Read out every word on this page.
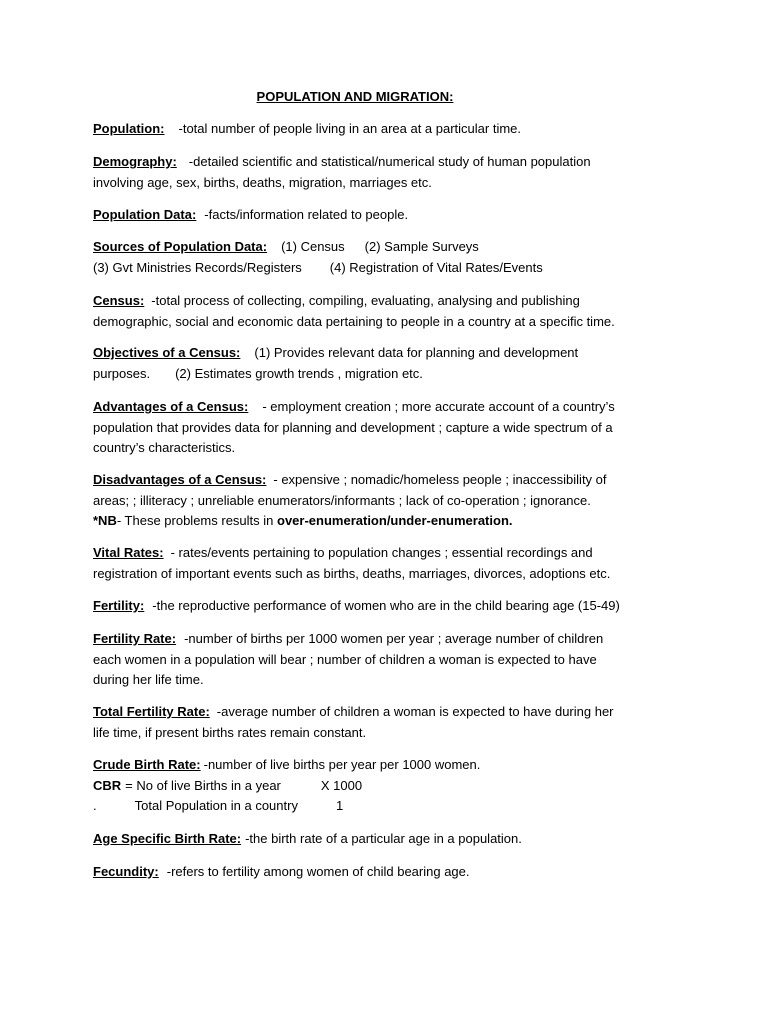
POPULATION AND MIGRATION:
Population: -total number of people living in an area at a particular time.
Demography: -detailed scientific and statistical/numerical study of human population
involving age, sex, births, deaths, migration, marriages etc.
Population Data: -facts/information related to people.
Sources of Population Data: (1) Census (2) Sample Surveys
(3) Gvt Ministries Records/Registers (4) Registration of Vital Rates/Events
Census: -total process of collecting, compiling, evaluating, analysing and publishing
demographic, social and economic data pertaining to people in a country at a specific time.
Objectives of a Census: (1) Provides relevant data for planning and development
purposes. (2) Estimates growth trends , migration etc.
Advantages of a Census: - employment creation ; more accurate account of a country’s
population that provides data for planning and development ; capture a wide spectrum of a
country’s characteristics.
Disadvantages of a Census: - expensive ; nomadic/homeless people ; inaccessibility of
areas; ; illiteracy ; unreliable enumerators/informants ; lack of co-operation ; ignorance.
*NB- These problems results in over-enumeration/under-enumeration.
Vital Rates: - rates/events pertaining to population changes ; essential recordings and
registration of important events such as births, deaths, marriages, divorces, adoptions etc.
Fertility: -the reproductive performance of women who are in the child bearing age (15-49)
Fertility Rate: -number of births per 1000 women per year ; average number of children
each women in a population will bear ; number of children a woman is expected to have
during her life time.
Total Fertility Rate: -average number of children a woman is expected to have during her
life time, if present births rates remain constant.
Crude Birth Rate: -number of live births per year per 1000 women.
CBR = No of live Births in a year	X 1000
.	Total Population in a country	1
Age Specific Birth Rate: -the birth rate of a particular age in a population.
Fecundity: -refers to fertility among women of child bearing age.
